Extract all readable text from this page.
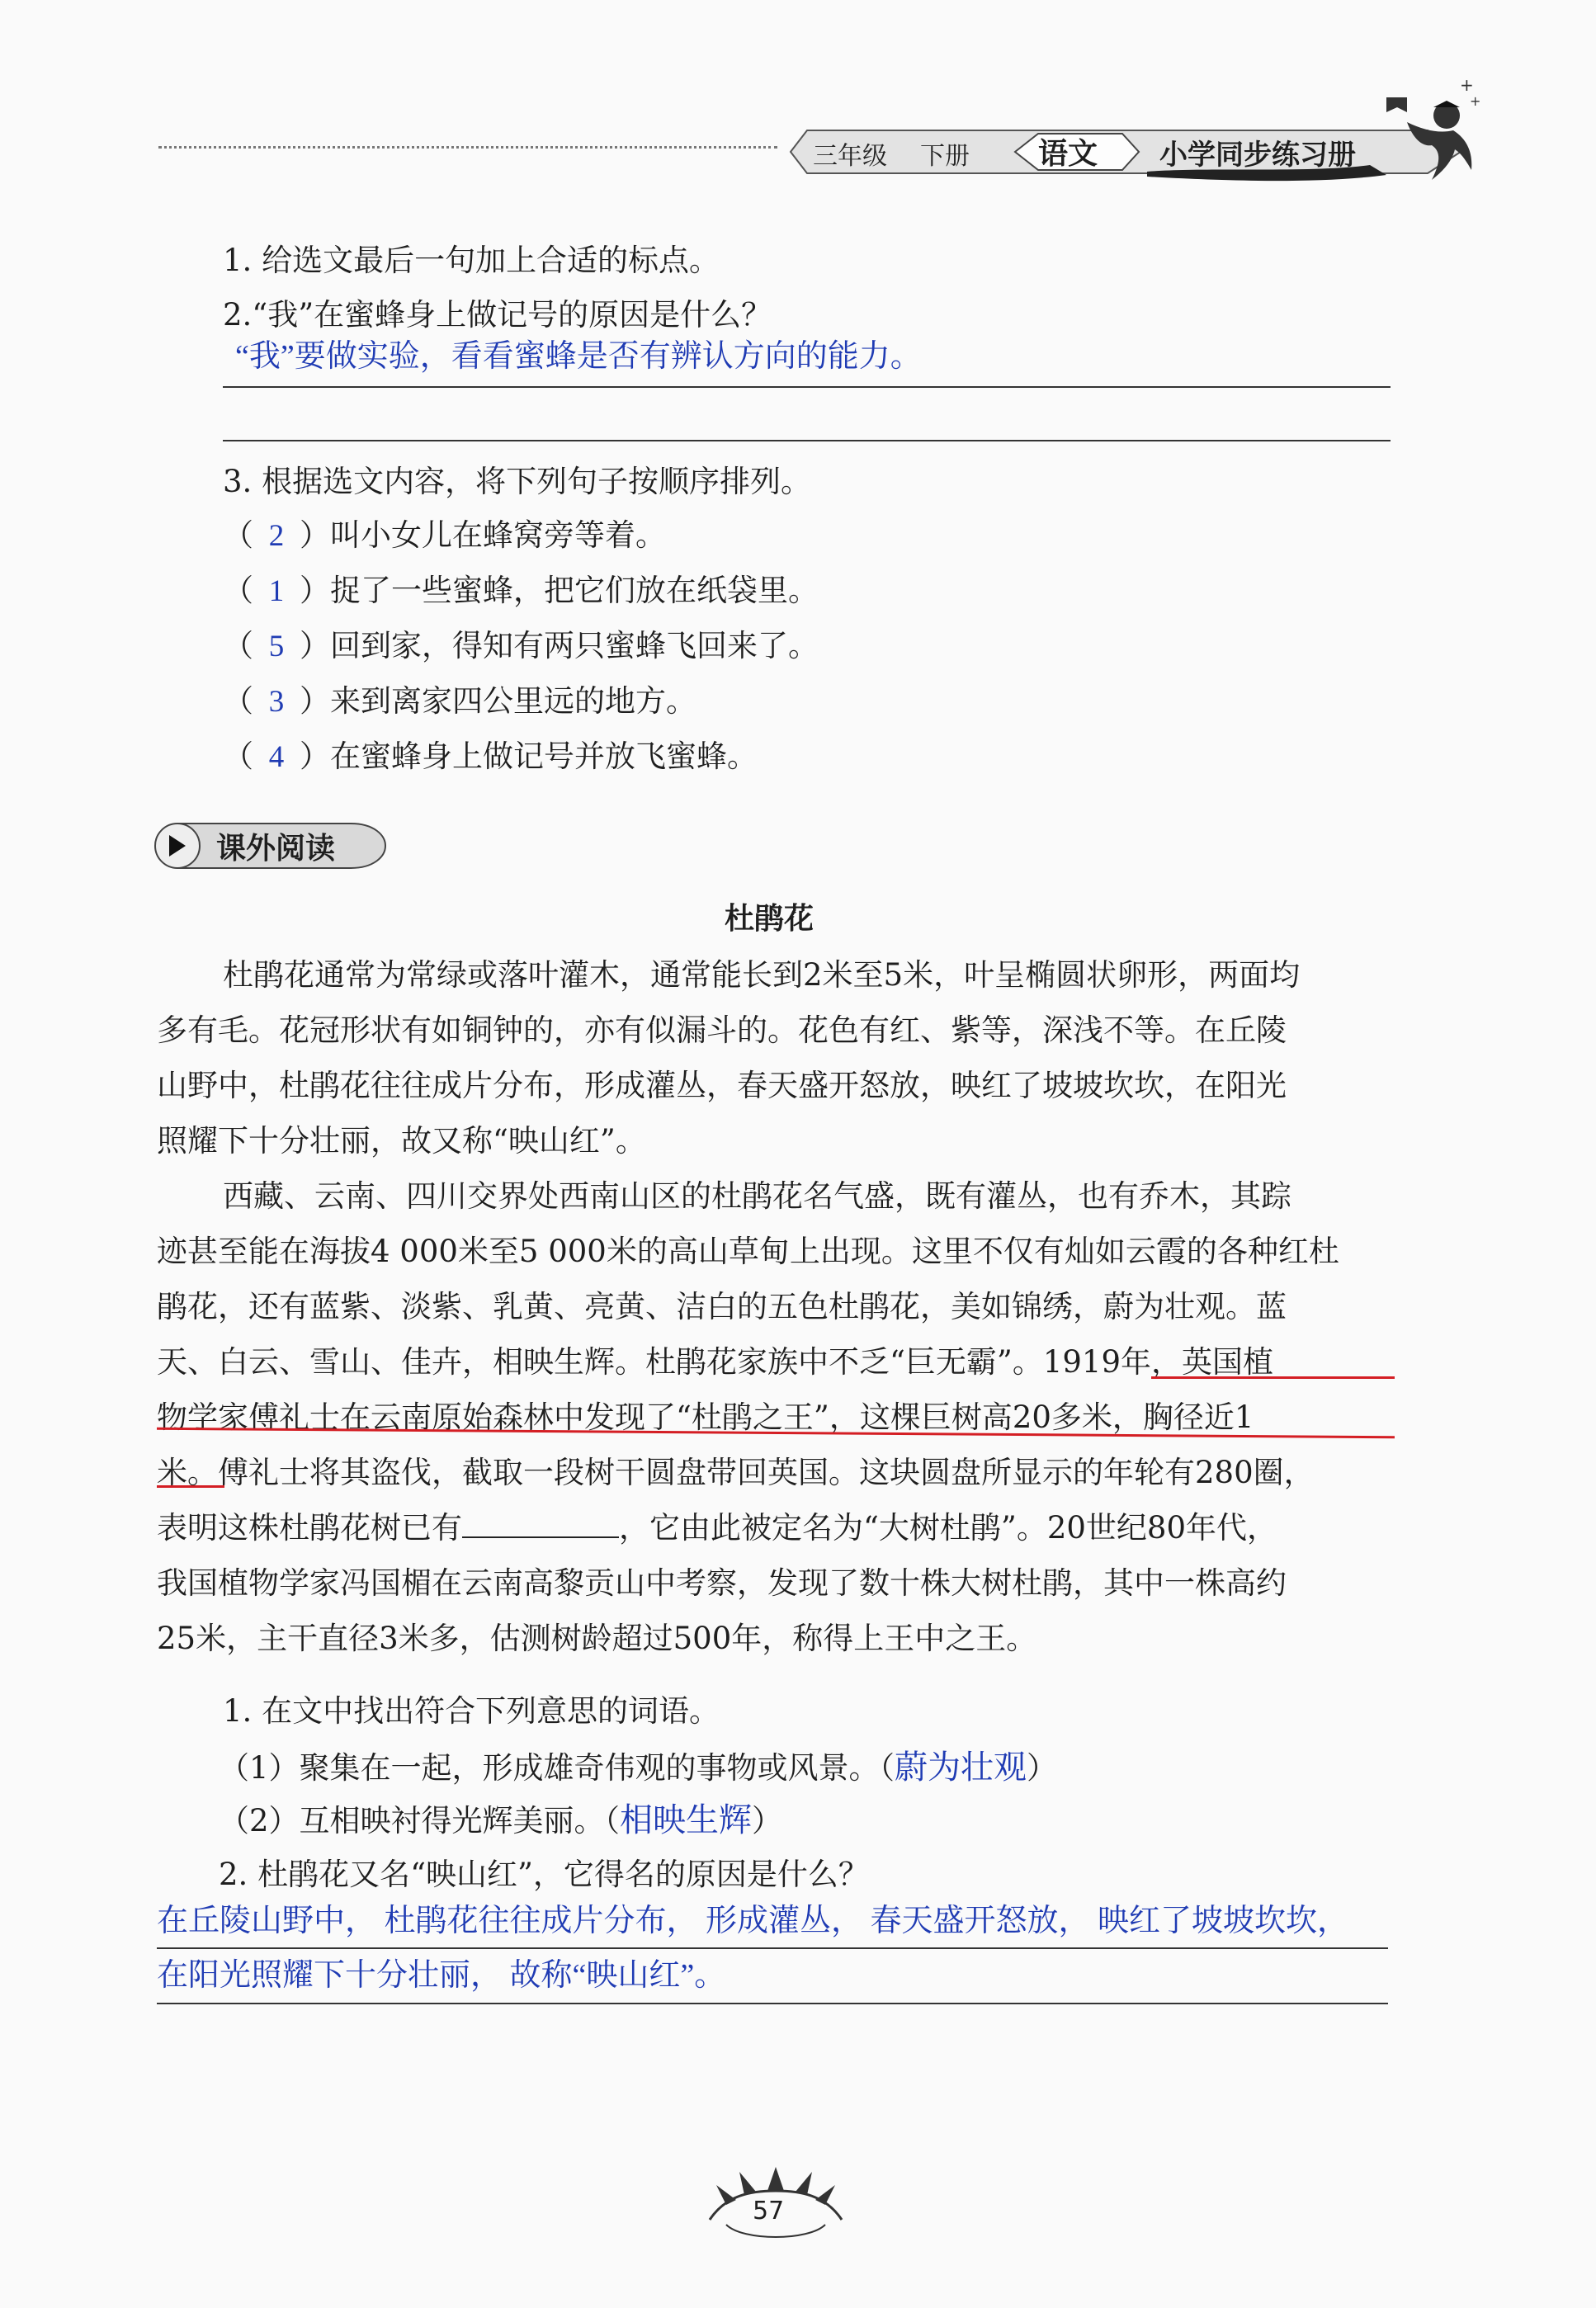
三年级 下册 语文 小学同步练习册
+
+
1. 给选文最后一句加上合适的标点。
2.“我”在蜜蜂身上做记号的原因是什么？
“我”要做实验，看看蜜蜂是否有辨认方向的能力。
3. 根据选文内容，将下列句子按顺序排列。
（ 2 ）叫小女儿在蜂窝旁等着。
（ 1 ）捉了一些蜜蜂，把它们放在纸袋里。
（ 5 ）回到家，得知有两只蜜蜂飞回来了。
（ 3 ）来到离家四公里远的地方。
（ 4 ）在蜜蜂身上做记号并放飞蜜蜂。
课外阅读
杜鹃花
杜鹃花通常为常绿或落叶灌木，通常能长到2米至5米，叶呈椭圆状卵形，两面均
多有毛。花冠形状有如铜钟的，亦有似漏斗的。花色有红、紫等，深浅不等。在丘陵
山野中，杜鹃花往往成片分布，形成灌丛，春天盛开怒放，映红了坡坡坎坎，在阳光
照耀下十分壮丽，故又称“映山红”。
西藏、云南、四川交界处西南山区的杜鹃花名气盛，既有灌丛，也有乔木，其踪
迹甚至能在海拔4 000米至5 000米的高山草甸上出现。这里不仅有灿如云霞的各种红杜
鹃花，还有蓝紫、淡紫、乳黄、亮黄、洁白的五色杜鹃花，美如锦绣，蔚为壮观。蓝
天、白云、雪山、佳卉，相映生辉。杜鹃花家族中不乏“巨无霸”。1919年，英国植
物学家傅礼士在云南原始森林中发现了“杜鹃之王”，这棵巨树高20多米，胸径近1
米。傅礼士将其盗伐，截取一段树干圆盘带回英国。这块圆盘所显示的年轮有280圈，
表明这株杜鹃花树已有	，它由此被定名为“大树杜鹃”。20世纪80年代，
我国植物学家冯国楣在云南高黎贡山中考察，发现了数十株大树杜鹃，其中一株高约
25米，主干直径3米多，估测树龄超过500年，称得上王中之王。
1. 在文中找出符合下列意思的词语。
（1）聚集在一起，形成雄奇伟观的事物或风景。（蔚为壮观）
（2）互相映衬得光辉美丽。（相映生辉）
2. 杜鹃花又名“映山红”，它得名的原因是什么？
在丘陵山野中， 杜鹃花往往成片分布， 形成灌丛， 春天盛开怒放， 映红了坡坡坎坎，
在阳光照耀下十分壮丽， 故称“映山红”。
57
